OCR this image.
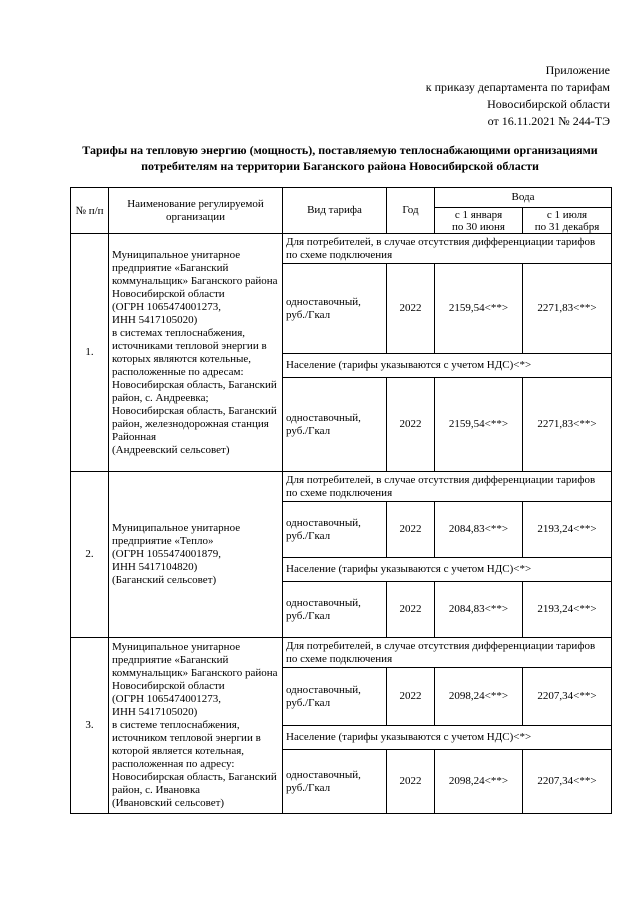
Приложение
к приказу департамента по тарифам
Новосибирской области
от 16.11.2021 № 244-ТЭ
Тарифы на тепловую энергию (мощность), поставляемую теплоснабжающими организациями потребителям на территории Баганского района Новосибирской области
№ п/п	Наименование регулируемой организации	Вид тарифа	Год	Вода	
				с 1 января
по 30 июня	с 1 июля
по 31 декабря
1.	Муниципальное унитарное предприятие «Баганский коммунальщик» Баганского района Новосибирской области
(ОГРН 1065474001273,
ИНН 5417105020)
в системах теплоснабжения, источниками тепловой энергии в которых являются котельные, расположенные по адресам: Новосибирская область, Баганский район, с. Андреевка; Новосибирская область, Баганский район, железнодорожная станция Районная
(Андреевский сельсовет)	Для потребителей, в случае отсутствия дифференциации тарифов по схеме подключения			
		одноставочный,
руб./Гкал	2022	2159,54<**>	2271,83<**>
		Население (тарифы указываются с учетом НДС)<*>			
		одноставочный,
руб./Гкал	2022	2159,54<**>	2271,83<**>
2.	Муниципальное унитарное предприятие «Тепло»
(ОГРН 1055474001879,
ИНН 5417104820)
(Баганский сельсовет)	Для потребителей, в случае отсутствия дифференциации тарифов по схеме подключения			
		одноставочный,
руб./Гкал	2022	2084,83<**>	2193,24<**>
		Население (тарифы указываются с учетом НДС)<*>			
		одноставочный,
руб./Гкал	2022	2084,83<**>	2193,24<**>
3.	Муниципальное унитарное предприятие «Баганский коммунальщик» Баганского района Новосибирской области
(ОГРН 1065474001273,
ИНН 5417105020)
в системе теплоснабжения, источником тепловой энергии в которой является котельная, расположенная по адресу: Новосибирская область, Баганский район, с. Ивановка
(Ивановский сельсовет)	Для потребителей, в случае отсутствия дифференциации тарифов по схеме подключения			
		одноставочный,
руб./Гкал	2022	2098,24<**>	2207,34<**>
		Население (тарифы указываются с учетом НДС)<*>			
		одноставочный,
руб./Гкал	2022	2098,24<**>	2207,34<**>
